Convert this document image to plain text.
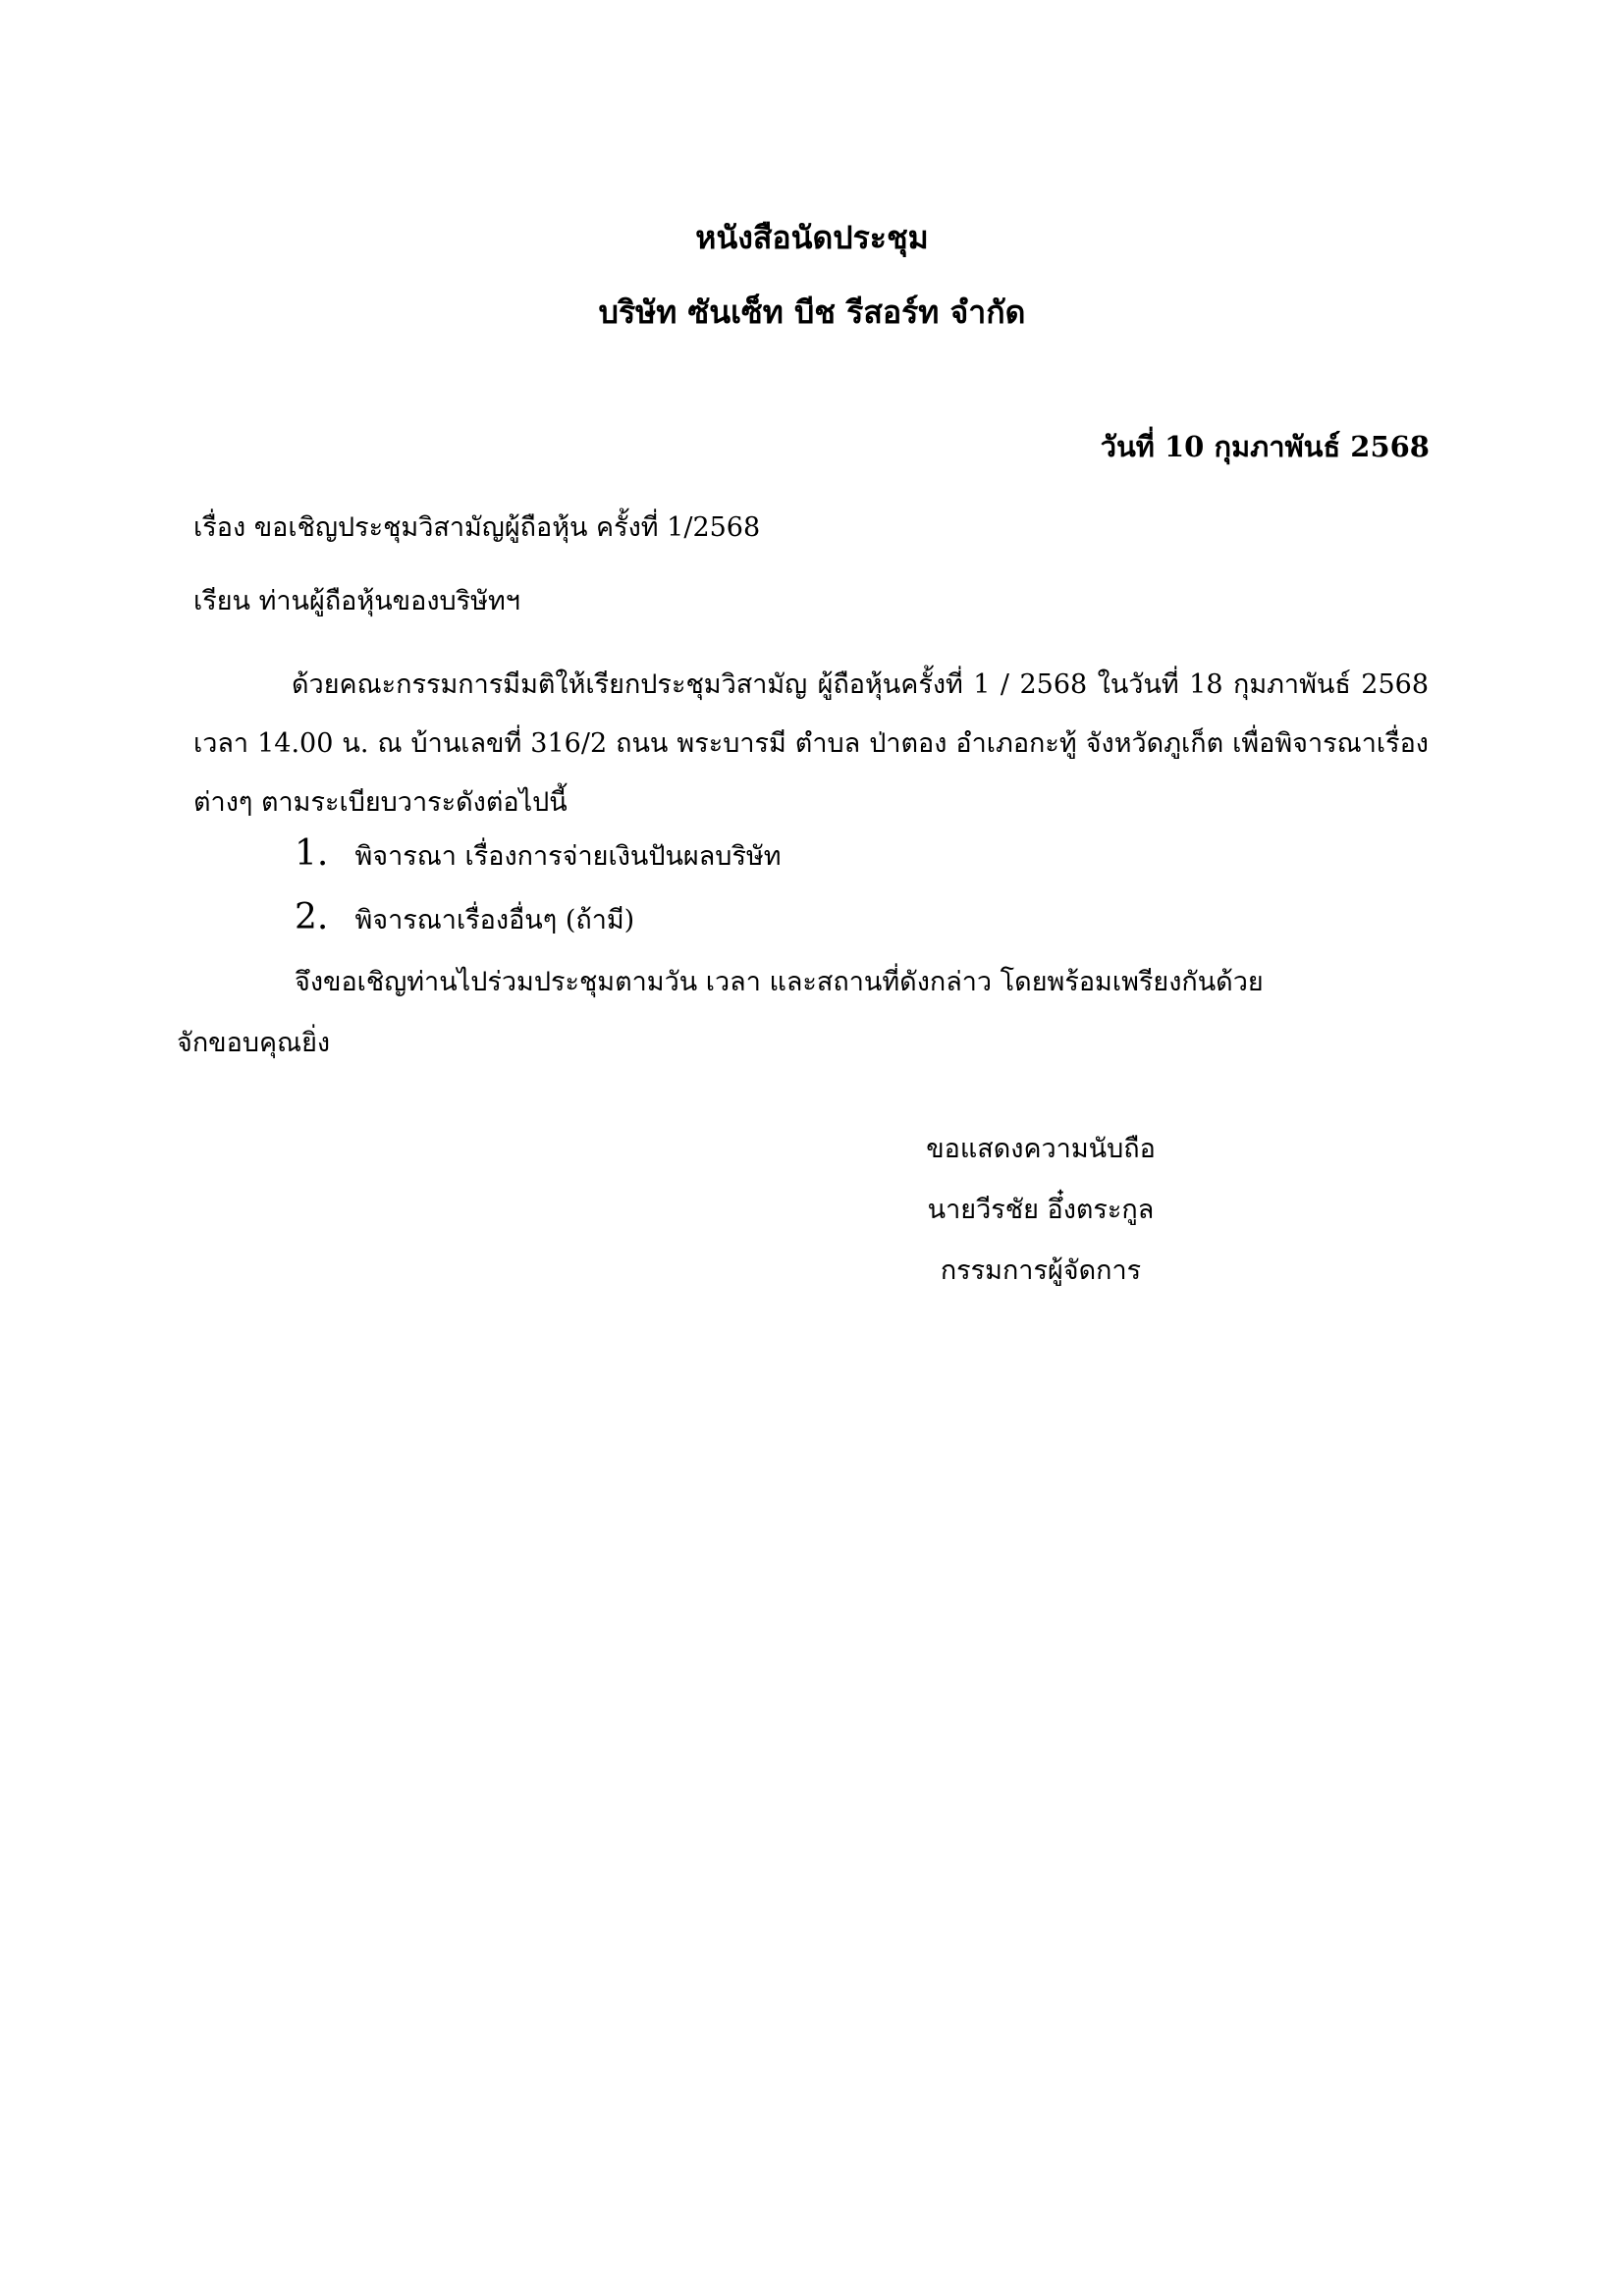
หนังสือนัดประชุม
บริษัท ซันเซ็ท บีช รีสอร์ท จำกัด
วันที่ 10 กุมภาพันธ์ 2568
เรื่อง ขอเชิญประชุมวิสามัญผู้ถือหุ้น ครั้งที่ 1/2568
เรียน ท่านผู้ถือหุ้นของบริษัทฯ
ด้วยคณะกรรมการมีมติให้เรียกประชุมวิสามัญ ผู้ถือหุ้นครั้งที่ 1 / 2568 ในวันที่ 18 กุมภาพันธ์ 2568 เวลา 14.00 น. ณ บ้านเลขที่ 316/2 ถนน พระบารมี ตำบล ป่าตอง อำเภอกะทู้ จังหวัดภูเก็ต เพื่อพิจารณาเรื่องต่างๆ ตามระเบียบวาระดังต่อไปนี้
1. พิจารณา เรื่องการจ่ายเงินปันผลบริษัท
2. พิจารณาเรื่องอื่นๆ (ถ้ามี)
จึงขอเชิญท่านไปร่วมประชุมตามวัน เวลา และสถานที่ดังกล่าว โดยพร้อมเพรียงกันด้วย
จักขอบคุณยิ่ง
ขอแสดงความนับถือ
นายวีรชัย อึ๋งตระกูล
กรรมการผู้จัดการ
